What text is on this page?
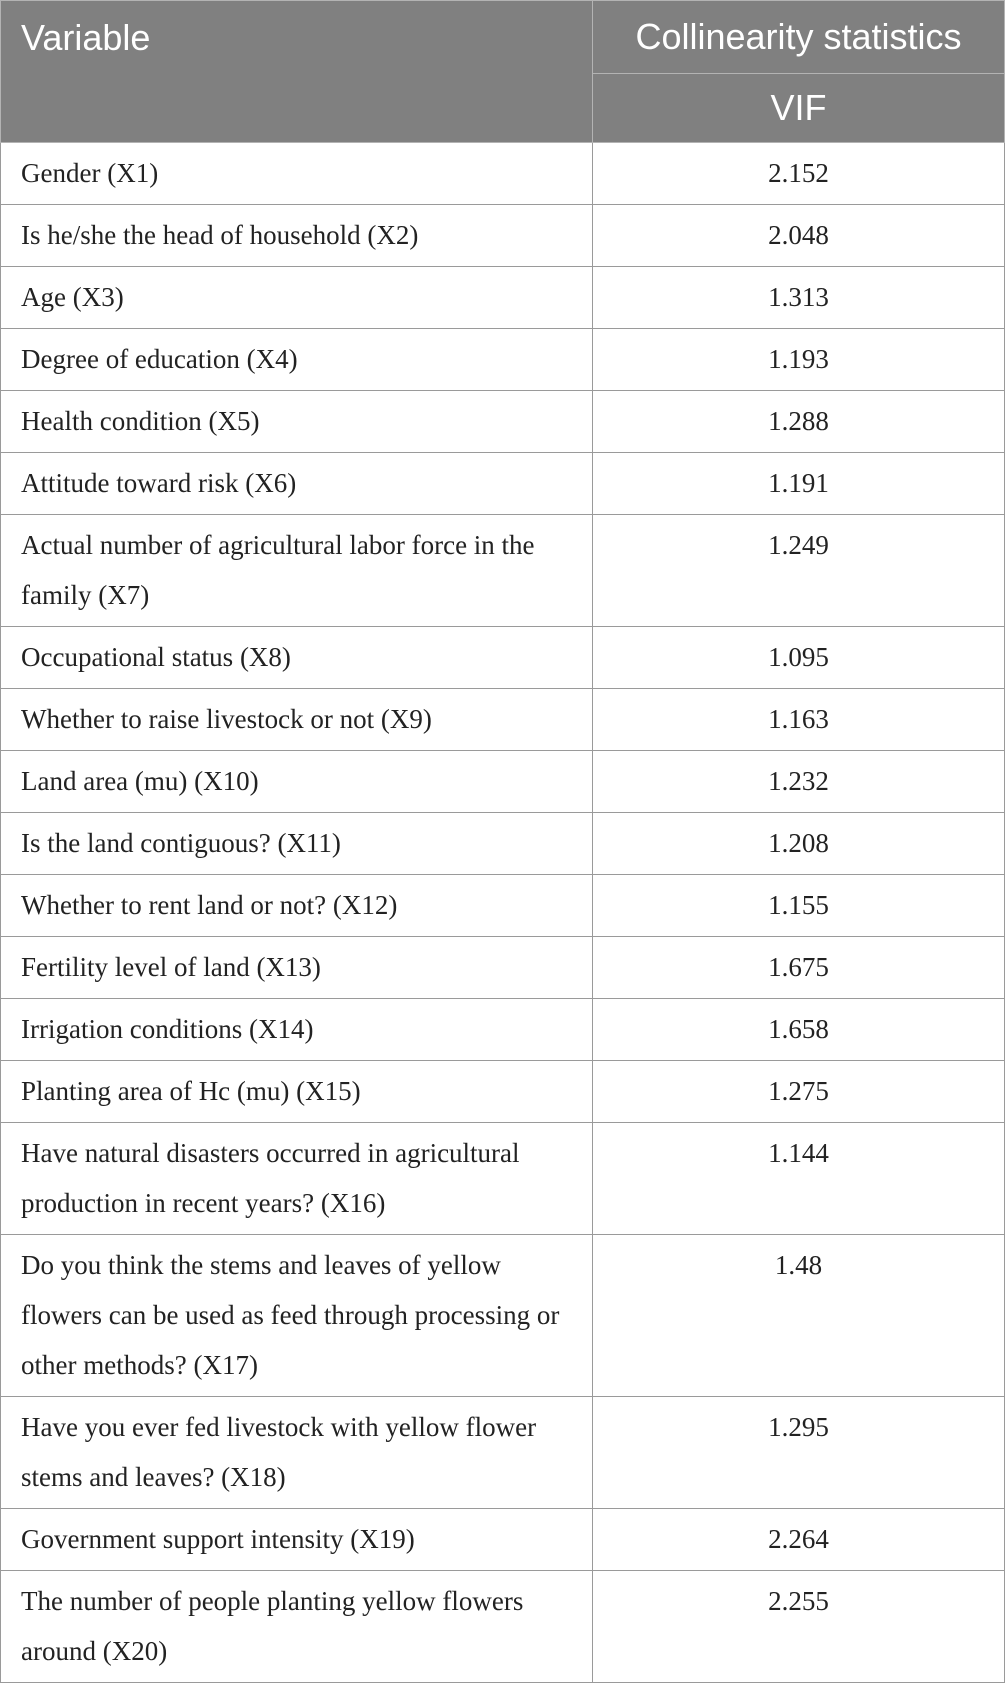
Variable	Collinearity statistics
	VIF
Gender (X1)	2.152
Is he/she the head of household (X2)	2.048
Age (X3)	1.313
Degree of education (X4)	1.193
Health condition (X5)	1.288
Attitude toward risk (X6)	1.191
Actual number of agricultural labor force in the family (X7)	1.249
Occupational status (X8)	1.095
Whether to raise livestock or not (X9)	1.163
Land area (mu) (X10)	1.232
Is the land contiguous? (X11)	1.208
Whether to rent land or not? (X12)	1.155
Fertility level of land (X13)	1.675
Irrigation conditions (X14)	1.658
Planting area of Hc (mu) (X15)	1.275
Have natural disasters occurred in agricultural production in recent years? (X16)	1.144
Do you think the stems and leaves of yellow flowers can be used as feed through processing or other methods? (X17)	1.48
Have you ever fed livestock with yellow flower stems and leaves? (X18)	1.295
Government support intensity (X19)	2.264
The number of people planting yellow flowers around (X20)	2.255
